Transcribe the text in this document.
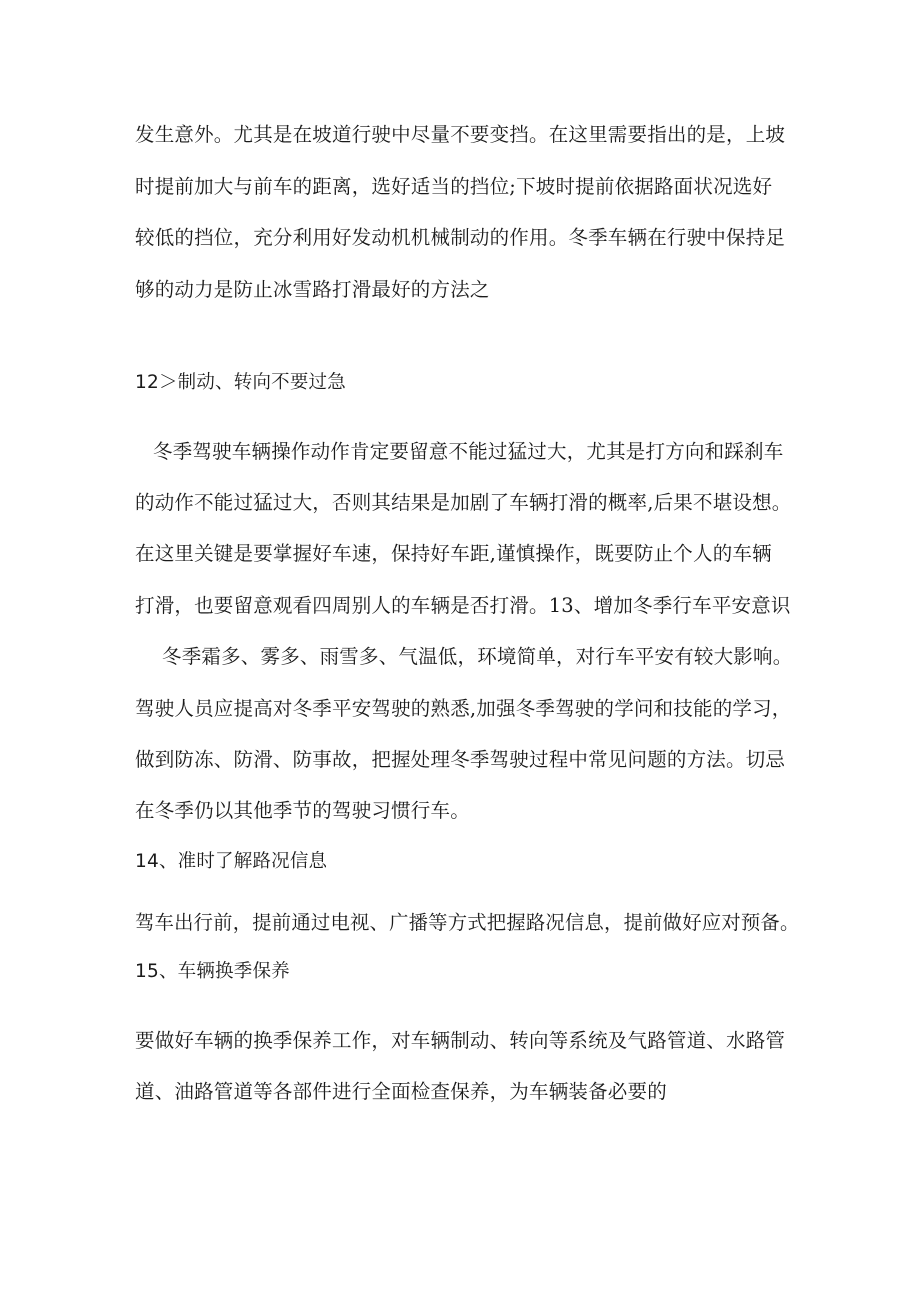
发生意外。尤其是在坡道行驶中尽量不要变挡。在这里需要指出的是，上坡
时提前加大与前车的距离，选好适当的挡位;下坡时提前依据路面状况选好
较低的挡位，充分利用好发动机机械制动的作用。冬季车辆在行驶中保持足
够的动力是防止冰雪路打滑最好的方法之
12＞制动、转向不要过急
冬季驾驶车辆操作动作肯定要留意不能过猛过大，尤其是打方向和踩刹车
的动作不能过猛过大，否则其结果是加剧了车辆打滑的概率,后果不堪设想。
在这里关键是要掌握好车速，保持好车距,谨慎操作，既要防止个人的车辆
打滑，也要留意观看四周别人的车辆是否打滑。13、增加冬季行车平安意识
冬季霜多、雾多、雨雪多、气温低，环境简单，对行车平安有较大影响。
驾驶人员应提高对冬季平安驾驶的熟悉,加强冬季驾驶的学问和技能的学习，
做到防冻、防滑、防事故，把握处理冬季驾驶过程中常见问题的方法。切忌
在冬季仍以其他季节的驾驶习惯行车。
14、准时了解路况信息
驾车出行前，提前通过电视、广播等方式把握路况信息，提前做好应对预备。
15、车辆换季保养
要做好车辆的换季保养工作，对车辆制动、转向等系统及气路管道、水路管
道、油路管道等各部件进行全面检查保养，为车辆装备必要的
